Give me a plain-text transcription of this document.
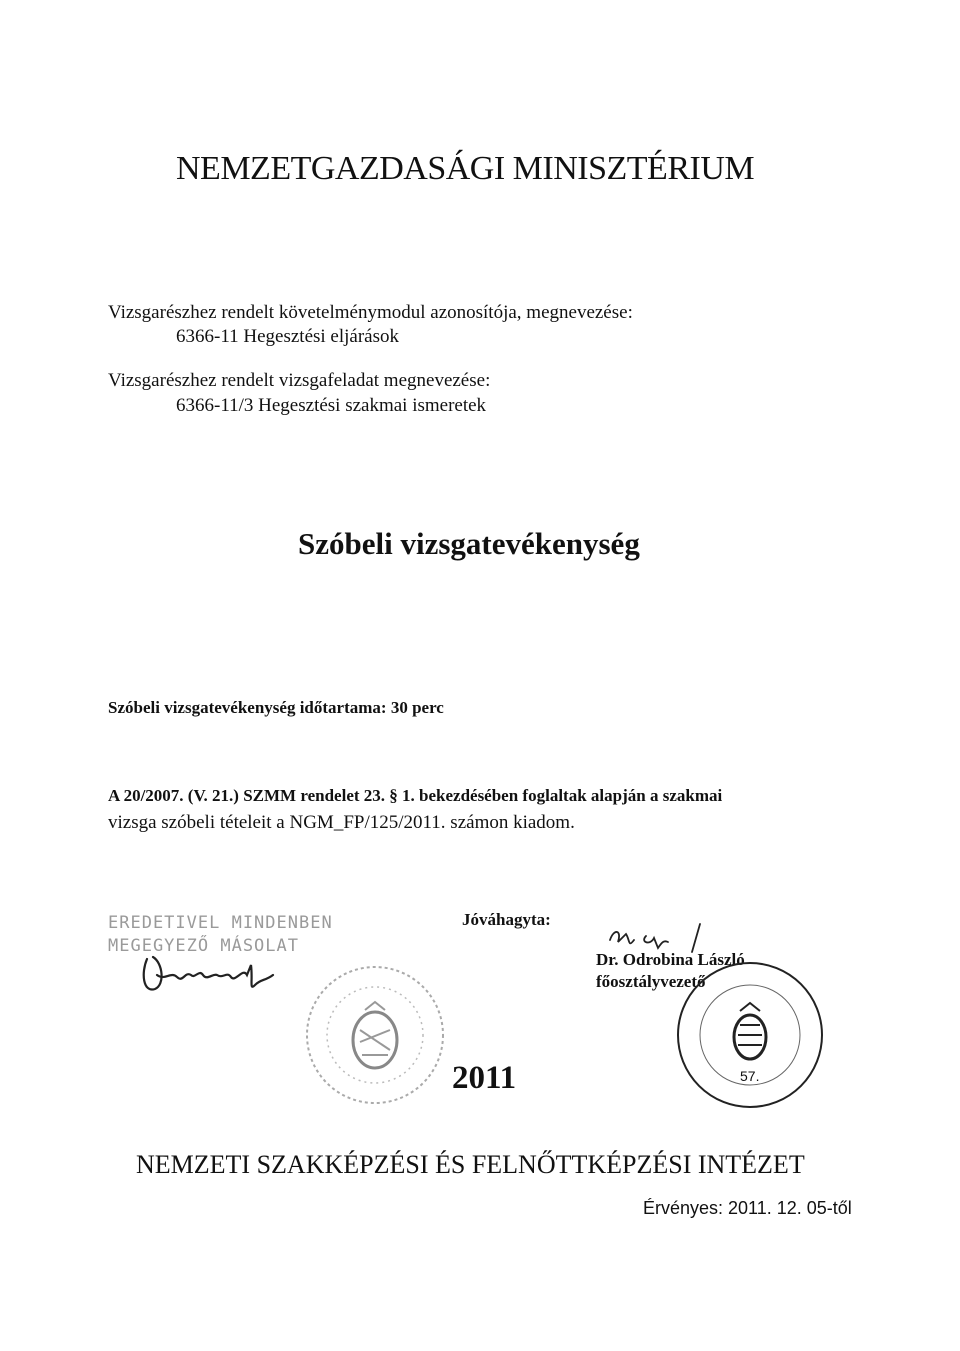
NEMZETGAZDASÁGI MINISZTÉRIUM
Vizsgarészhez rendelt követelménymodul azonosítója, megnevezése:
6366-11 Hegesztési eljárások
Vizsgarészhez rendelt vizsgafeladat megnevezése:
6366-11/3 Hegesztési szakmai ismeretek
Szóbeli vizsgatevékenység
Szóbeli vizsgatevékenység időtartama: 30 perc
A 20/2007. (V. 21.) SZMM rendelet 23. § 1. bekezdésében foglaltak alapján a szakmai
vizsga szóbeli tételeit a NGM_FP/125/2011. számon kiadom.
EREDETIVEL MINDENBEN
MEGEGYEZŐ MÁSOLAT
Jóváhagyta:
Dr. Odrobina László
főosztályvezető
57.
2011
NEMZETI SZAKKÉPZÉSI ÉS FELNŐTTKÉPZÉSI INTÉZET
Érvényes: 2011. 12. 05-től
